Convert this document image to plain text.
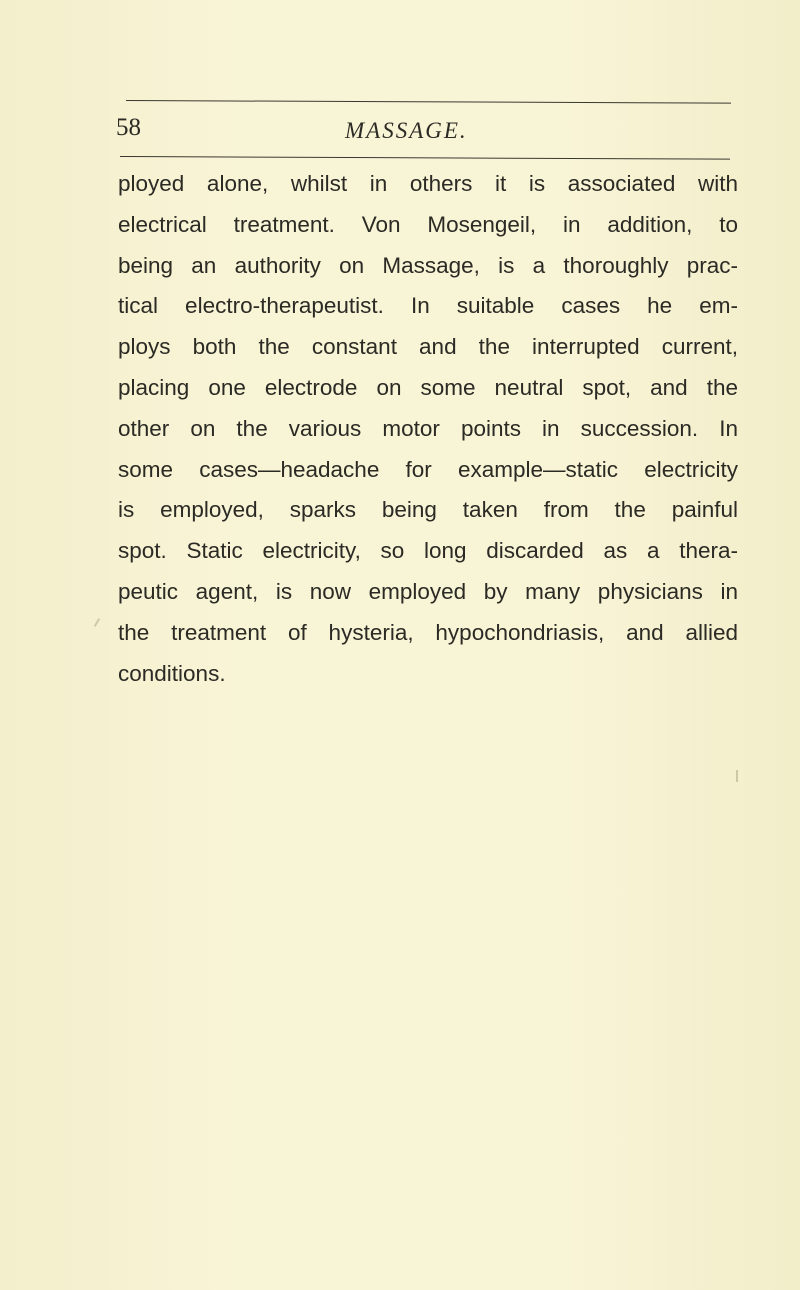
58	MASSAGE.

ployed alone, whilst in others it is associated with
electrical treatment. Von Mosengeil, in addition, to
being an authority on Massage, is a thoroughly prac-
tical electro-therapeutist. In suitable cases he em-
ploys both the constant and the interrupted current,
placing one electrode on some neutral spot, and the
other on the various motor points in succession. In
some cases—headache for example—static electricity
is employed, sparks being taken from the painful
spot. Static electricity, so long discarded as a thera-
peutic agent, is now employed by many physicians in
the treatment of hysteria, hypochondriasis, and allied
conditions.
